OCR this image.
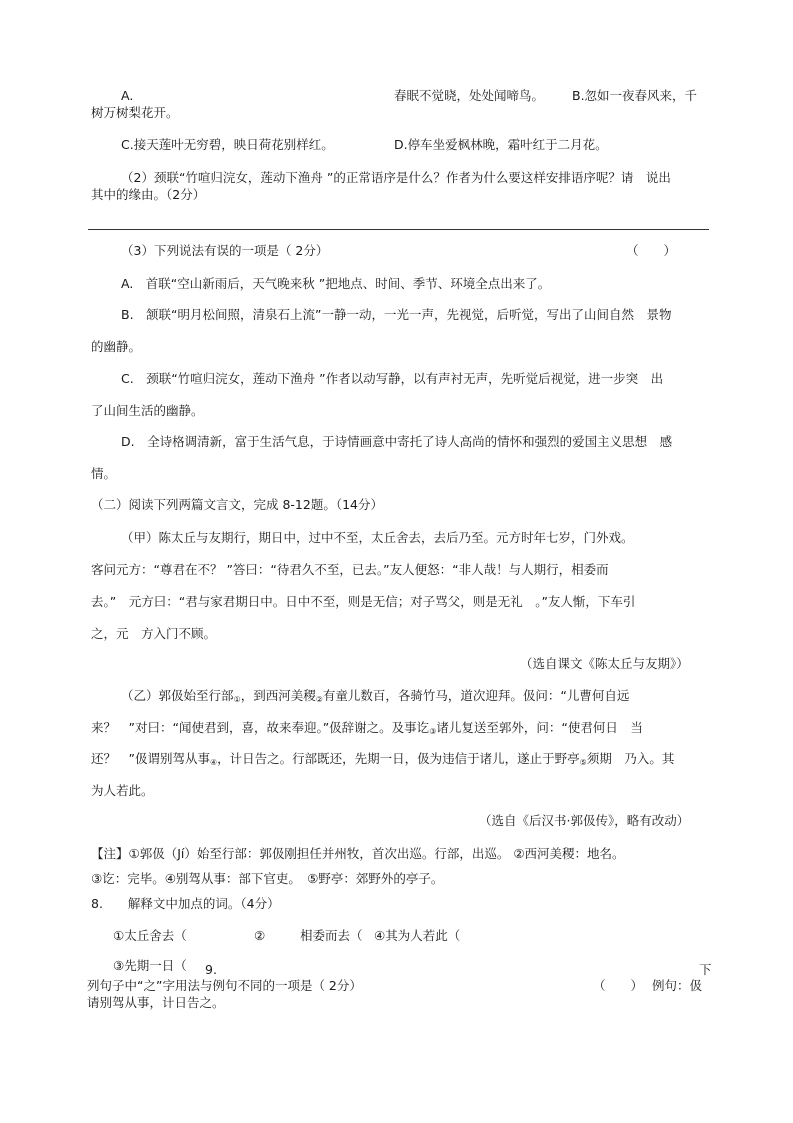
A.	春眠不觉晓，处处闻啼鸟。 B.忽如一夜春风来，千
树万树梨花开。
C.接天莲叶无穷碧，映日荷花别样红。	D.停车坐爱枫林晚，霜叶红于二月花。
（2）颈联“竹喧归浣女，莲动下渔舟 ”的正常语序是什么？作者为什么要这样安排语序呢？请　说出
其中的缘由。（2分）
（3）下列说法有误的一项是（ 2分）	（　　）
A.　首联“空山新雨后，天气晚来秋 ”把地点、时间、季节、环境全点出来了。
B.　颔联“明月松间照，清泉石上流”一静一动，一光一声，先视觉，后听觉，写出了山间自然　景物
的幽静。
C.　颈联“竹喧归浣女，莲动下渔舟 ”作者以动写静，以有声衬无声，先听觉后视觉，进一步突　出
了山间生活的幽静。
D.　全诗格调清新，富于生活气息，于诗情画意中寄托了诗人高尚的情怀和强烈的爱国主义思想　感
情。
（二）阅读下列两篇文言文，完成 8-12题。（14分）
（甲）陈太丘与友期行，期日中，过中不至，太丘舍去，去后乃至。元方时年七岁，门外戏。
客问元方：“尊君在不？ ”答曰：“待君久不至，已去。”友人便怒：“非人哉！与人期行，相委而
去。”　元方曰：“君与家君期日中。日中不至，则是无信；对子骂父，则是无礼　。”友人惭，下车引
之，元　方入门不顾。
（选自课文《陈太丘与友期》）
（乙）郭伋始至行部$_①$，到西河美稷$_②$有童儿数百，各骑竹马，道次迎拜。伋问：“儿曹何自远
来？　”对曰：“闻使君到，喜，故来奉迎。”伋辞谢之。及事讫$_③$诸儿复送至郭外，问：“使君何日　当
还？　”伋谓别驾从事$_④$，计日告之。行部既还，先期一日，伋为违信于诸儿，遂止于野亭$_⑤$须期　乃入。其
为人若此。
（选自《后汉书·郭伋传》，略有改动）
【注】①郭伋（Jí）始至行部：郭伋刚担任并州牧，首次出巡。行部，出巡。 ②西河美稷：地名。
③讫：完毕。④别驾从事：部下官吏。　⑤野亭：郊野外的亭子。
8.　　解释文中加点的词。（4分）
①太丘舍去（	②	相委而去（ ④其为人若此（
③先期一日（ 9.	下
列句子中“之”字用法与例句不同的一项是（ 2分）	（　　） 例句：伋
请别驾从事，计日告之。
